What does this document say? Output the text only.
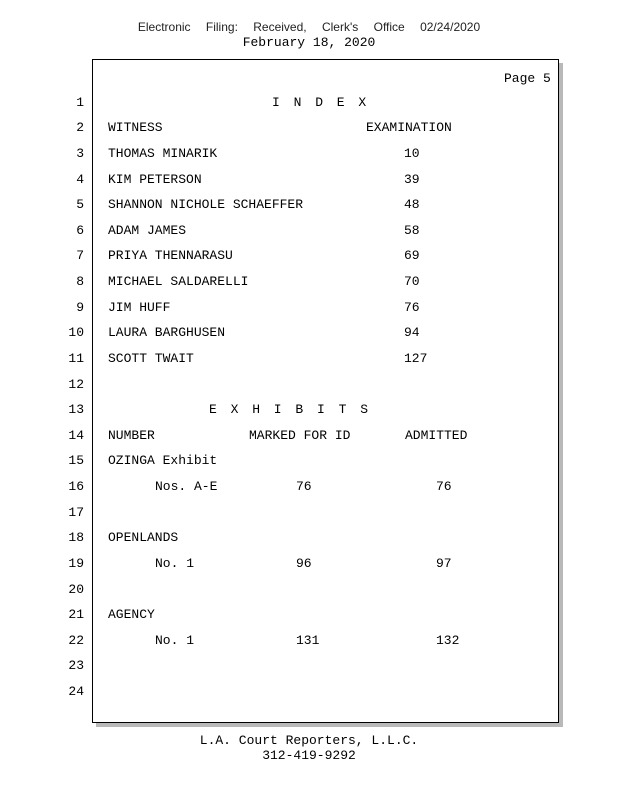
Electronic Filing: Received, Clerk's Office 02/24/2020
February 18, 2020
Page 5
1	I N D E X
2 WITNESS	EXAMINATION
3 THOMAS MINARIK	10
4 KIM PETERSON	39
5 SHANNON NICHOLE SCHAEFFER	48
6 ADAM JAMES	58
7 PRIYA THENNARASU	69
8 MICHAEL SALDARELLI	70
9 JIM HUFF	76
10 LAURA BARGHUSEN	94
11 SCOTT TWAIT	127
12
13	E X H I B I T S
14 NUMBER	MARKED FOR ID	ADMITTED
15 OZINGA Exhibit
16	Nos. A-E	76	76
17
18 OPENLANDS
19	No. 1	96	97
20
21 AGENCY
22	No. 1	131	132
23
24
L.A. Court Reporters, L.L.C.
312-419-9292
